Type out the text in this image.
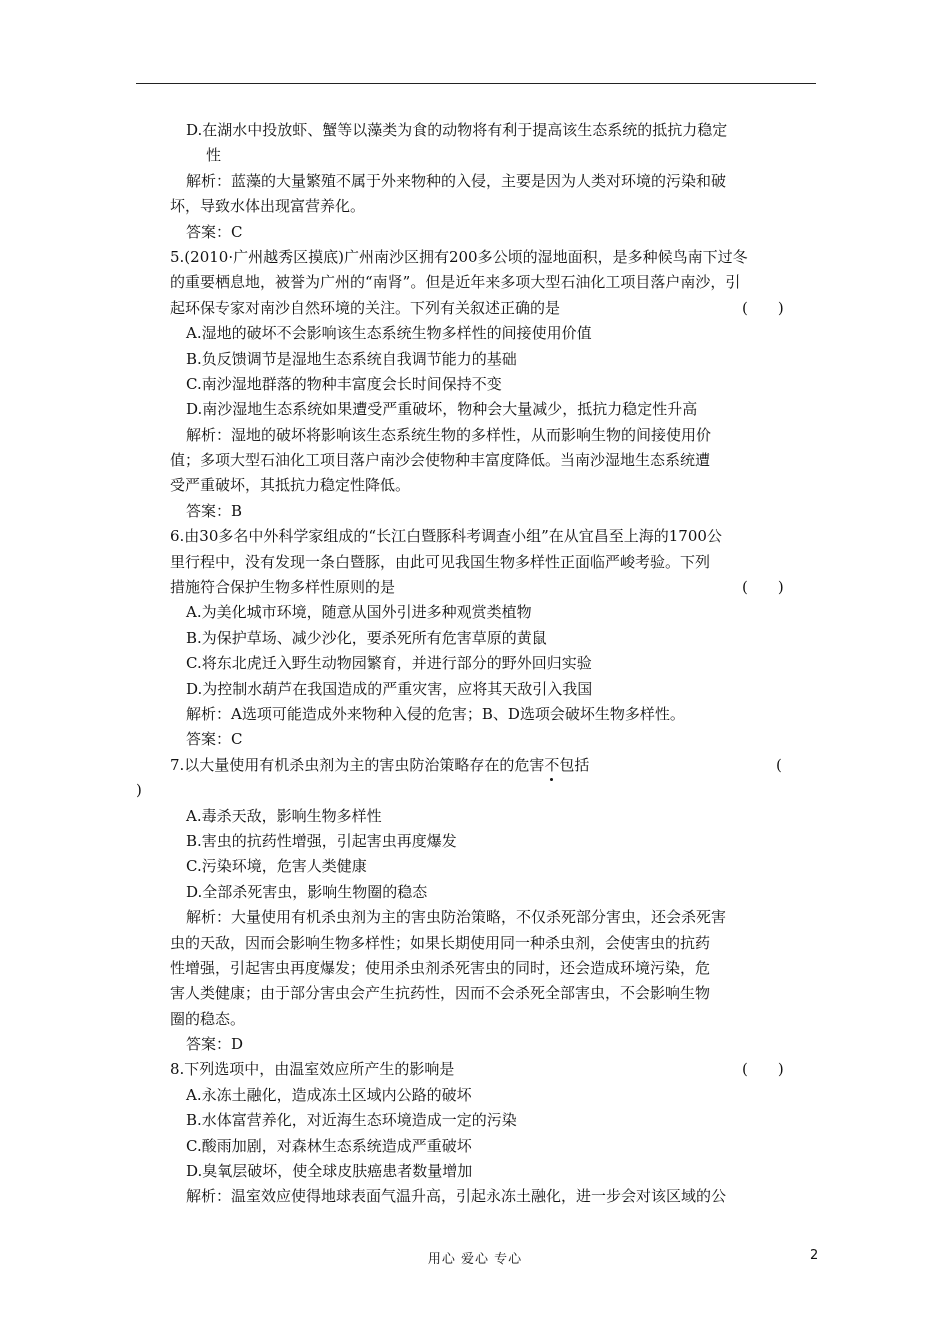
D.在湖水中投放虾、蟹等以藻类为食的动物将有利于提高该生态系统的抵抗力稳定
性
解析：蓝藻的大量繁殖不属于外来物种的入侵，主要是因为人类对环境的污染和破
坏，导致水体出现富营养化。
答案：C
5.(2010·广州越秀区摸底)广州南沙区拥有200多公顷的湿地面积，是多种候鸟南下过冬
的重要栖息地，被誉为广州的“南肾”。但是近年来多项大型石油化工项目落户南沙，引
起环保专家对南沙自然环境的关注。下列有关叙述正确的是	(　　)
A.湿地的破坏不会影响该生态系统生物多样性的间接使用价值
B.负反馈调节是湿地生态系统自我调节能力的基础
C.南沙湿地群落的物种丰富度会长时间保持不变
D.南沙湿地生态系统如果遭受严重破坏，物种会大量减少，抵抗力稳定性升高
解析：湿地的破坏将影响该生态系统生物的多样性，从而影响生物的间接使用价
值；多项大型石油化工项目落户南沙会使物种丰富度降低。当南沙湿地生态系统遭
受严重破坏，其抵抗力稳定性降低。
答案：B
6.由30多名中外科学家组成的“长江白暨豚科考调查小组”在从宜昌至上海的1700公
里行程中，没有发现一条白暨豚，由此可见我国生物多样性正面临严峻考验。下列
措施符合保护生物多样性原则的是	(　　)
A.为美化城市环境，随意从国外引进多种观赏类植物
B.为保护草场、减少沙化，要杀死所有危害草原的黄鼠
C.将东北虎迁入野生动物园繁育，并进行部分的野外回归实验
D.为控制水葫芦在我国造成的严重灾害，应将其天敌引入我国
解析：A选项可能造成外来物种入侵的危害；B、D选项会破坏生物多样性。
答案：C
7.以大量使用有机杀虫剂为主的害虫防治策略存在的危害不包括	(
)
A.毒杀天敌，影响生物多样性
B.害虫的抗药性增强，引起害虫再度爆发
C.污染环境，危害人类健康
D.全部杀死害虫，影响生物圈的稳态
解析：大量使用有机杀虫剂为主的害虫防治策略，不仅杀死部分害虫，还会杀死害
虫的天敌，因而会影响生物多样性；如果长期使用同一种杀虫剂，会使害虫的抗药
性增强，引起害虫再度爆发；使用杀虫剂杀死害虫的同时，还会造成环境污染，危
害人类健康；由于部分害虫会产生抗药性，因而不会杀死全部害虫，不会影响生物
圈的稳态。
答案：D
8.下列选项中，由温室效应所产生的影响是	(　　)
A.永冻土融化，造成冻土区域内公路的破坏
B.水体富营养化，对近海生态环境造成一定的污染
C.酸雨加剧，对森林生态系统造成严重破坏
D.臭氧层破坏，使全球皮肤癌患者数量增加
解析：温室效应使得地球表面气温升高，引起永冻土融化，进一步会对该区域的公
用心 爱心 专心	2
